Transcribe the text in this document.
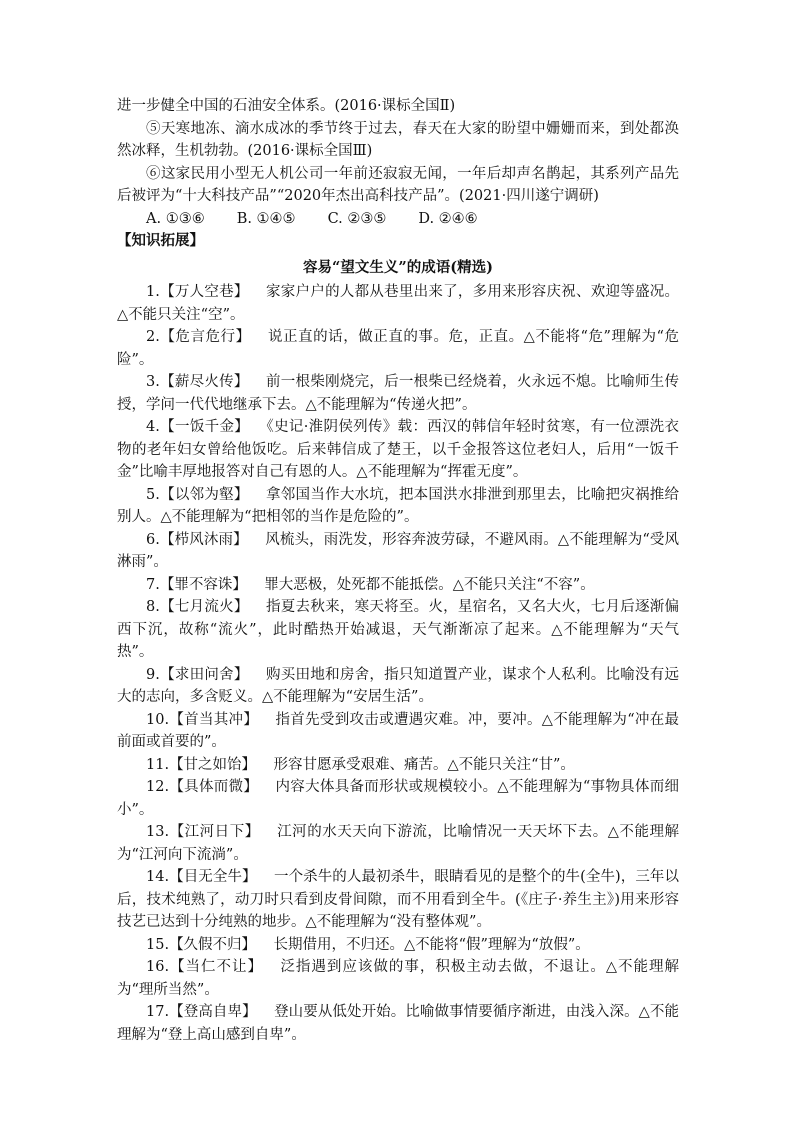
进一步健全中国的石油安全体系。(2016·课标全国Ⅱ)

⑤天寒地冻、滴水成冰的季节终于过去，春天在大家的盼望中姗姗而来，到处都涣然冰释，生机勃勃。(2016·课标全国Ⅲ)

⑥这家民用小型无人机公司一年前还寂寂无闻，一年后却声名鹊起，其系列产品先后被评为“十大科技产品”“2020年杰出高科技产品”。(2021·四川遂宁调研)

A. ①③⑥ B. ①④⑤ C. ②③⑤ D. ②④⑥

【知识拓展】

容易“望文生义”的成语(精选)

1.【万人空巷】 家家户户的人都从巷里出来了，多用来形容庆祝、欢迎等盛况。△不能只关注“空”。

2.【危言危行】 说正直的话，做正直的事。危，正直。△不能将“危”理解为“危险”。

3.【薪尽火传】 前一根柴刚烧完，后一根柴已经烧着，火永远不熄。比喻师生传授，学问一代代地继承下去。△不能理解为“传递火把”。

4.【一饭千金】 《史记·淮阴侯列传》载：西汉的韩信年轻时贫寒，有一位漂洗衣物的老年妇女曾给他饭吃。后来韩信成了楚王，以千金报答这位老妇人，后用“一饭千金”比喻丰厚地报答对自己有恩的人。△不能理解为“挥霍无度”。

5.【以邻为壑】 拿邻国当作大水坑，把本国洪水排泄到那里去，比喻把灾祸推给别人。△不能理解为“把相邻的当作是危险的”。

6.【栉风沐雨】 风梳头，雨洗发，形容奔波劳碌，不避风雨。△不能理解为“受风淋雨”。

7.【罪不容诛】 罪大恶极，处死都不能抵偿。△不能只关注“不容”。

8.【七月流火】 指夏去秋来，寒天将至。火，星宿名，又名大火，七月后逐渐偏西下沉，故称“流火”，此时酷热开始减退，天气渐渐凉了起来。△不能理解为“天气热”。

9.【求田问舍】 购买田地和房舍，指只知道置产业，谋求个人私利。比喻没有远大的志向，多含贬义。△不能理解为“安居生活”。

10.【首当其冲】 指首先受到攻击或遭遇灾难。冲，要冲。△不能理解为“冲在最前面或首要的”。

11.【甘之如饴】 形容甘愿承受艰难、痛苦。△不能只关注“甘”。

12.【具体而微】 内容大体具备而形状或规模较小。△不能理解为“事物具体而细小”。

13.【江河日下】 江河的水天天向下游流，比喻情况一天天坏下去。△不能理解为“江河向下流淌”。

14.【目无全牛】 一个杀牛的人最初杀牛，眼睛看见的是整个的牛(全牛)，三年以后，技术纯熟了，动刀时只看到皮骨间隙，而不用看到全牛。(《庄子·养生主》)用来形容技艺已达到十分纯熟的地步。△不能理解为“没有整体观”。

15.【久假不归】 长期借用，不归还。△不能将“假”理解为“放假”。

16.【当仁不让】 泛指遇到应该做的事，积极主动去做，不退让。△不能理解为“理所当然”。

17.【登高自卑】 登山要从低处开始。比喻做事情要循序渐进，由浅入深。△不能理解为“登上高山感到自卑”。
